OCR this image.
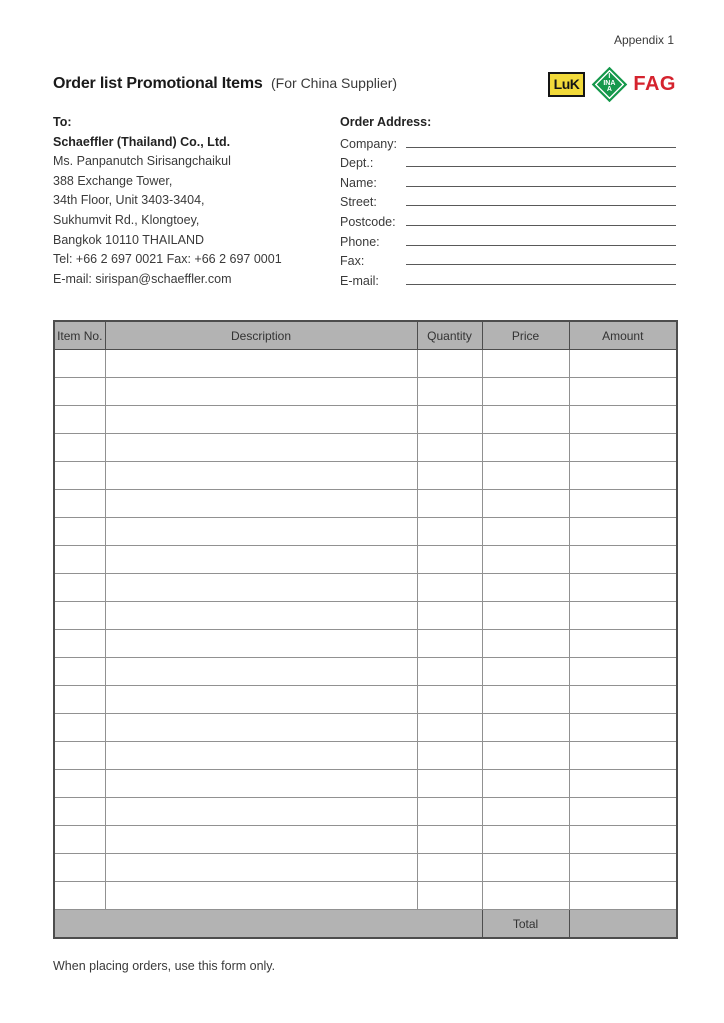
Appendix 1
Order list Promotional Items (For China Supplier)	LuK	I
INA
A FAG
To:
Schaeffler (Thailand) Co., Ltd.
Ms. Panpanutch Sirisangchaikul
388 Exchange Tower,
34th Floor, Unit 3403-3404,
Sukhumvit Rd., Klongtoey,
Bangkok 10110 THAILAND
Tel: +66 2 697 0021 Fax: +66 2 697 0001
E-mail: sirispan@schaeffler.com
Order Address:
Company:
Dept.:
Name:
Street:
Postcode:
Phone:
Fax:
E-mail:
Item No.	Description	Quantity	Price	Amount

			Total	
When placing orders, use this form only.
